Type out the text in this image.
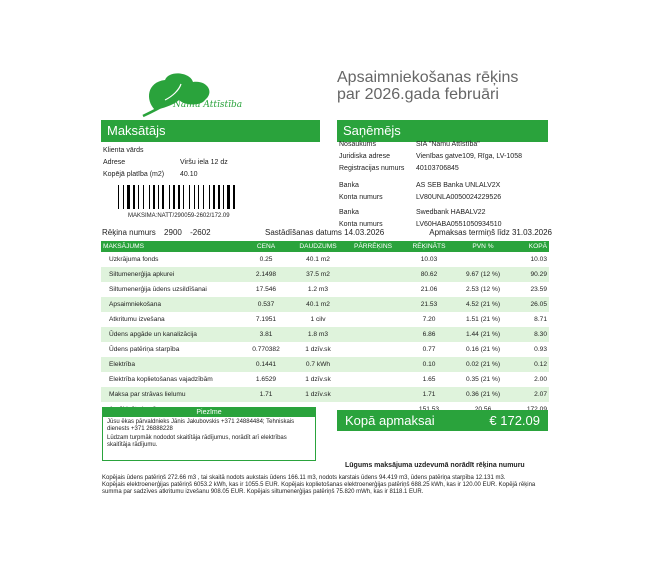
Namu Attīstība
Apsaimniekošanas rēķins
par 2026.gada februāri
Maksātājs
Klienta vārds
Adrese	Viršu iela 12 dz
Kopējā platība (m2)	40.10
MAKSIMA:NATT/290059-2602/172.09
Saņēmējs
Nosaukums	SIA "Namu Attīstība"
Juridiska adrese	Vienības gatve109, Rīga, LV-1058
Registracijas numurs	40103706845
Banka	AS SEB Banka UNLALV2X
Konta numurs	LV80UNLA0050024229526
Banka	Swedbank HABALV22
Konta numurs	LV60HABA0551050934510
Rēķina numurs 2900 -2602	Sastādīšanas datums 14.03.2026	Apmaksas termiņš līdz 31.03.2026
MAKSĀJUMS	CENA	DAUDZUMS	PĀRRĒĶINS	RĒĶINĀTS	PVN %	KOPĀ
Uzkrājuma fonds	0.25	40.1 m2		10.03		10.03
Siltumenerģija apkurei	2.1498	37.5 m2		80.62	9.67 (12 %)	90.29
Siltumenerģija ūdens uzsildīšanai	17.546	1.2 m3		21.06	2.53 (12 %)	23.59
Apsaimniekošana	0.537	40.1 m2		21.53	4.52 (21 %)	26.05
Atkritumu izvešana	7.1951	1 cilv		7.20	1.51 (21 %)	8.71
Ūdens apgāde un kanalizācija	3.81	1.8 m3		6.86	1.44 (21 %)	8.30
Ūdens patēriņa starpība	0.770382	1 dzīv.sk		0.77	0.16 (21 %)	0.93
Elektrība	0.1441	0.7 kWh		0.10	0.02 (21 %)	0.12
Elektrība koplietošanas vajadzībām	1.6529	1 dzīv.sk		1.65	0.35 (21 %)	2.00
Maksa par strāvas lielumu	1.71	1 dzīv.sk		1.71	0.36 (21 %)	2.07

Piezīme
Jūsu ēkas pārvaldnieks Jānis Jakubovskis +371 24884484; Tehniskais dienests +371 26888228
Lūdzam turpmāk nododot skaitītāja rādījumus, norādīt arī elektrības skaitītāja rādījumu.
Kopā apmaksai	€ 172.09
Lūgums maksājuma uzdevumā norādīt rēķina numuru
Kopējais ūdens patēriņš 272.66 m3 , tai skaitā nodots aukstais ūdens 166.11 m3, nodots karstais ūdens 94.419 m3, ūdens patēriņa starpība 12.131 m3.
Kopējais elektroenerģijas patēriņš 6053.2 kWh, kas ir 1055.5 EUR. Kopējais koplietošanas elektroenerģijas patēriņš 688.25 kWh, kas ir 120.00 EUR. Kopējā rēķina summa par sadzīves atkritumu izvešanu 908.05 EUR. Kopējais siltumenerģijas patēriņš 75.820 mWh, kas ir 8118.1 EUR.
